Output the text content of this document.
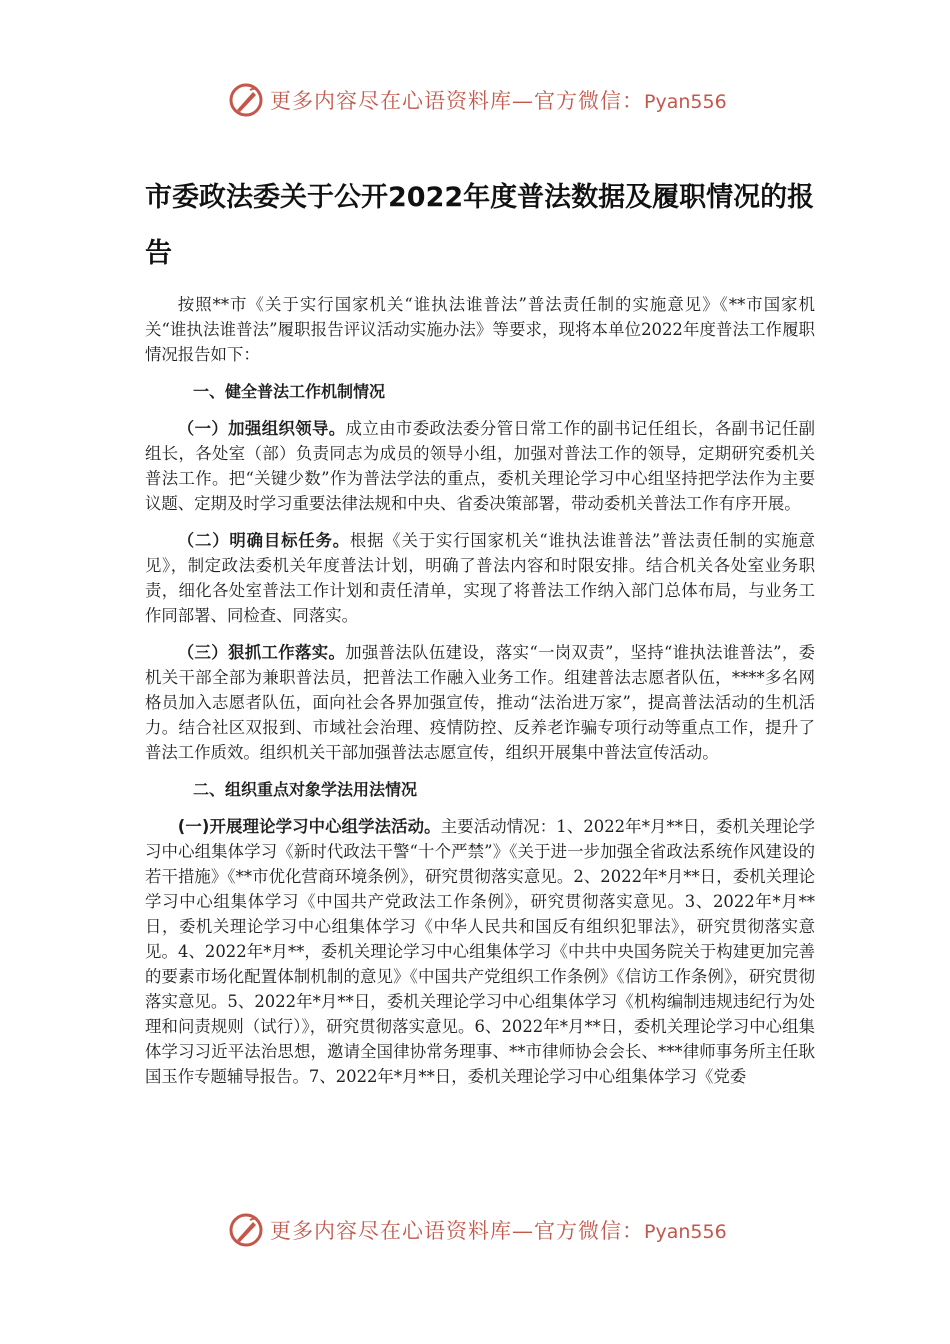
更多内容尽在心语资料库—官方微信：Pyan556
市委政法委关于公开2022年度普法数据及履职情况的报告

按照**市《关于实行国家机关“谁执法谁普法”普法责任制的实施意见》《**市国家机关“谁执法谁普法”履职报告评议活动实施办法》等要求，现将本单位2022年度普法工作履职情况报告如下：

一、健全普法工作机制情况

（一）加强组织领导。成立由市委政法委分管日常工作的副书记任组长，各副书记任副组长，各处室（部）负责同志为成员的领导小组，加强对普法工作的领导，定期研究委机关普法工作。把“关键少数”作为普法学法的重点，委机关理论学习中心组坚持把学法作为主要议题、定期及时学习重要法律法规和中央、省委决策部署，带动委机关普法工作有序开展。

（二）明确目标任务。根据《关于实行国家机关“谁执法谁普法”普法责任制的实施意见》，制定政法委机关年度普法计划，明确了普法内容和时限安排。结合机关各处室业务职责，细化各处室普法工作计划和责任清单，实现了将普法工作纳入部门总体布局，与业务工作同部署、同检查、同落实。

（三）狠抓工作落实。加强普法队伍建设，落实“一岗双责”，坚持“谁执法谁普法”，委机关干部全部为兼职普法员，把普法工作融入业务工作。组建普法志愿者队伍，****多名网格员加入志愿者队伍，面向社会各界加强宣传，推动“法治进万家”，提高普法活动的生机活力。结合社区双报到、市域社会治理、疫情防控、反养老诈骗专项行动等重点工作，提升了普法工作质效。组织机关干部加强普法志愿宣传，组织开展集中普法宣传活动。

二、组织重点对象学法用法情况

(一)开展理论学习中心组学法活动。主要活动情况：1、2022年*月**日，委机关理论学习中心组集体学习《新时代政法干警“十个严禁”》《关于进一步加强全省政法系统作风建设的若干措施》《**市优化营商环境条例》，研究贯彻落实意见。2、2022年*月**日，委机关理论学习中心组集体学习《中国共产党政法工作条例》，研究贯彻落实意见。3、2022年*月**日，委机关理论学习中心组集体学习《中华人民共和国反有组织犯罪法》，研究贯彻落实意见。4、2022年*月**，委机关理论学习中心组集体学习《中共中央国务院关于构建更加完善的要素市场化配置体制机制的意见》《中国共产党组织工作条例》《信访工作条例》，研究贯彻落实意见。5、2022年*月**日，委机关理论学习中心组集体学习《机构编制违规违纪行为处理和问责规则（试行）》，研究贯彻落实意见。6、2022年*月**日，委机关理论学习中心组集体学习习近平法治思想，邀请全国律协常务理事、**市律师协会会长、***律师事务所主任耿国玉作专题辅导报告。7、2022年*月**日，委机关理论学习中心组集体学习《党委

更多内容尽在心语资料库—官方微信：Pyan556
